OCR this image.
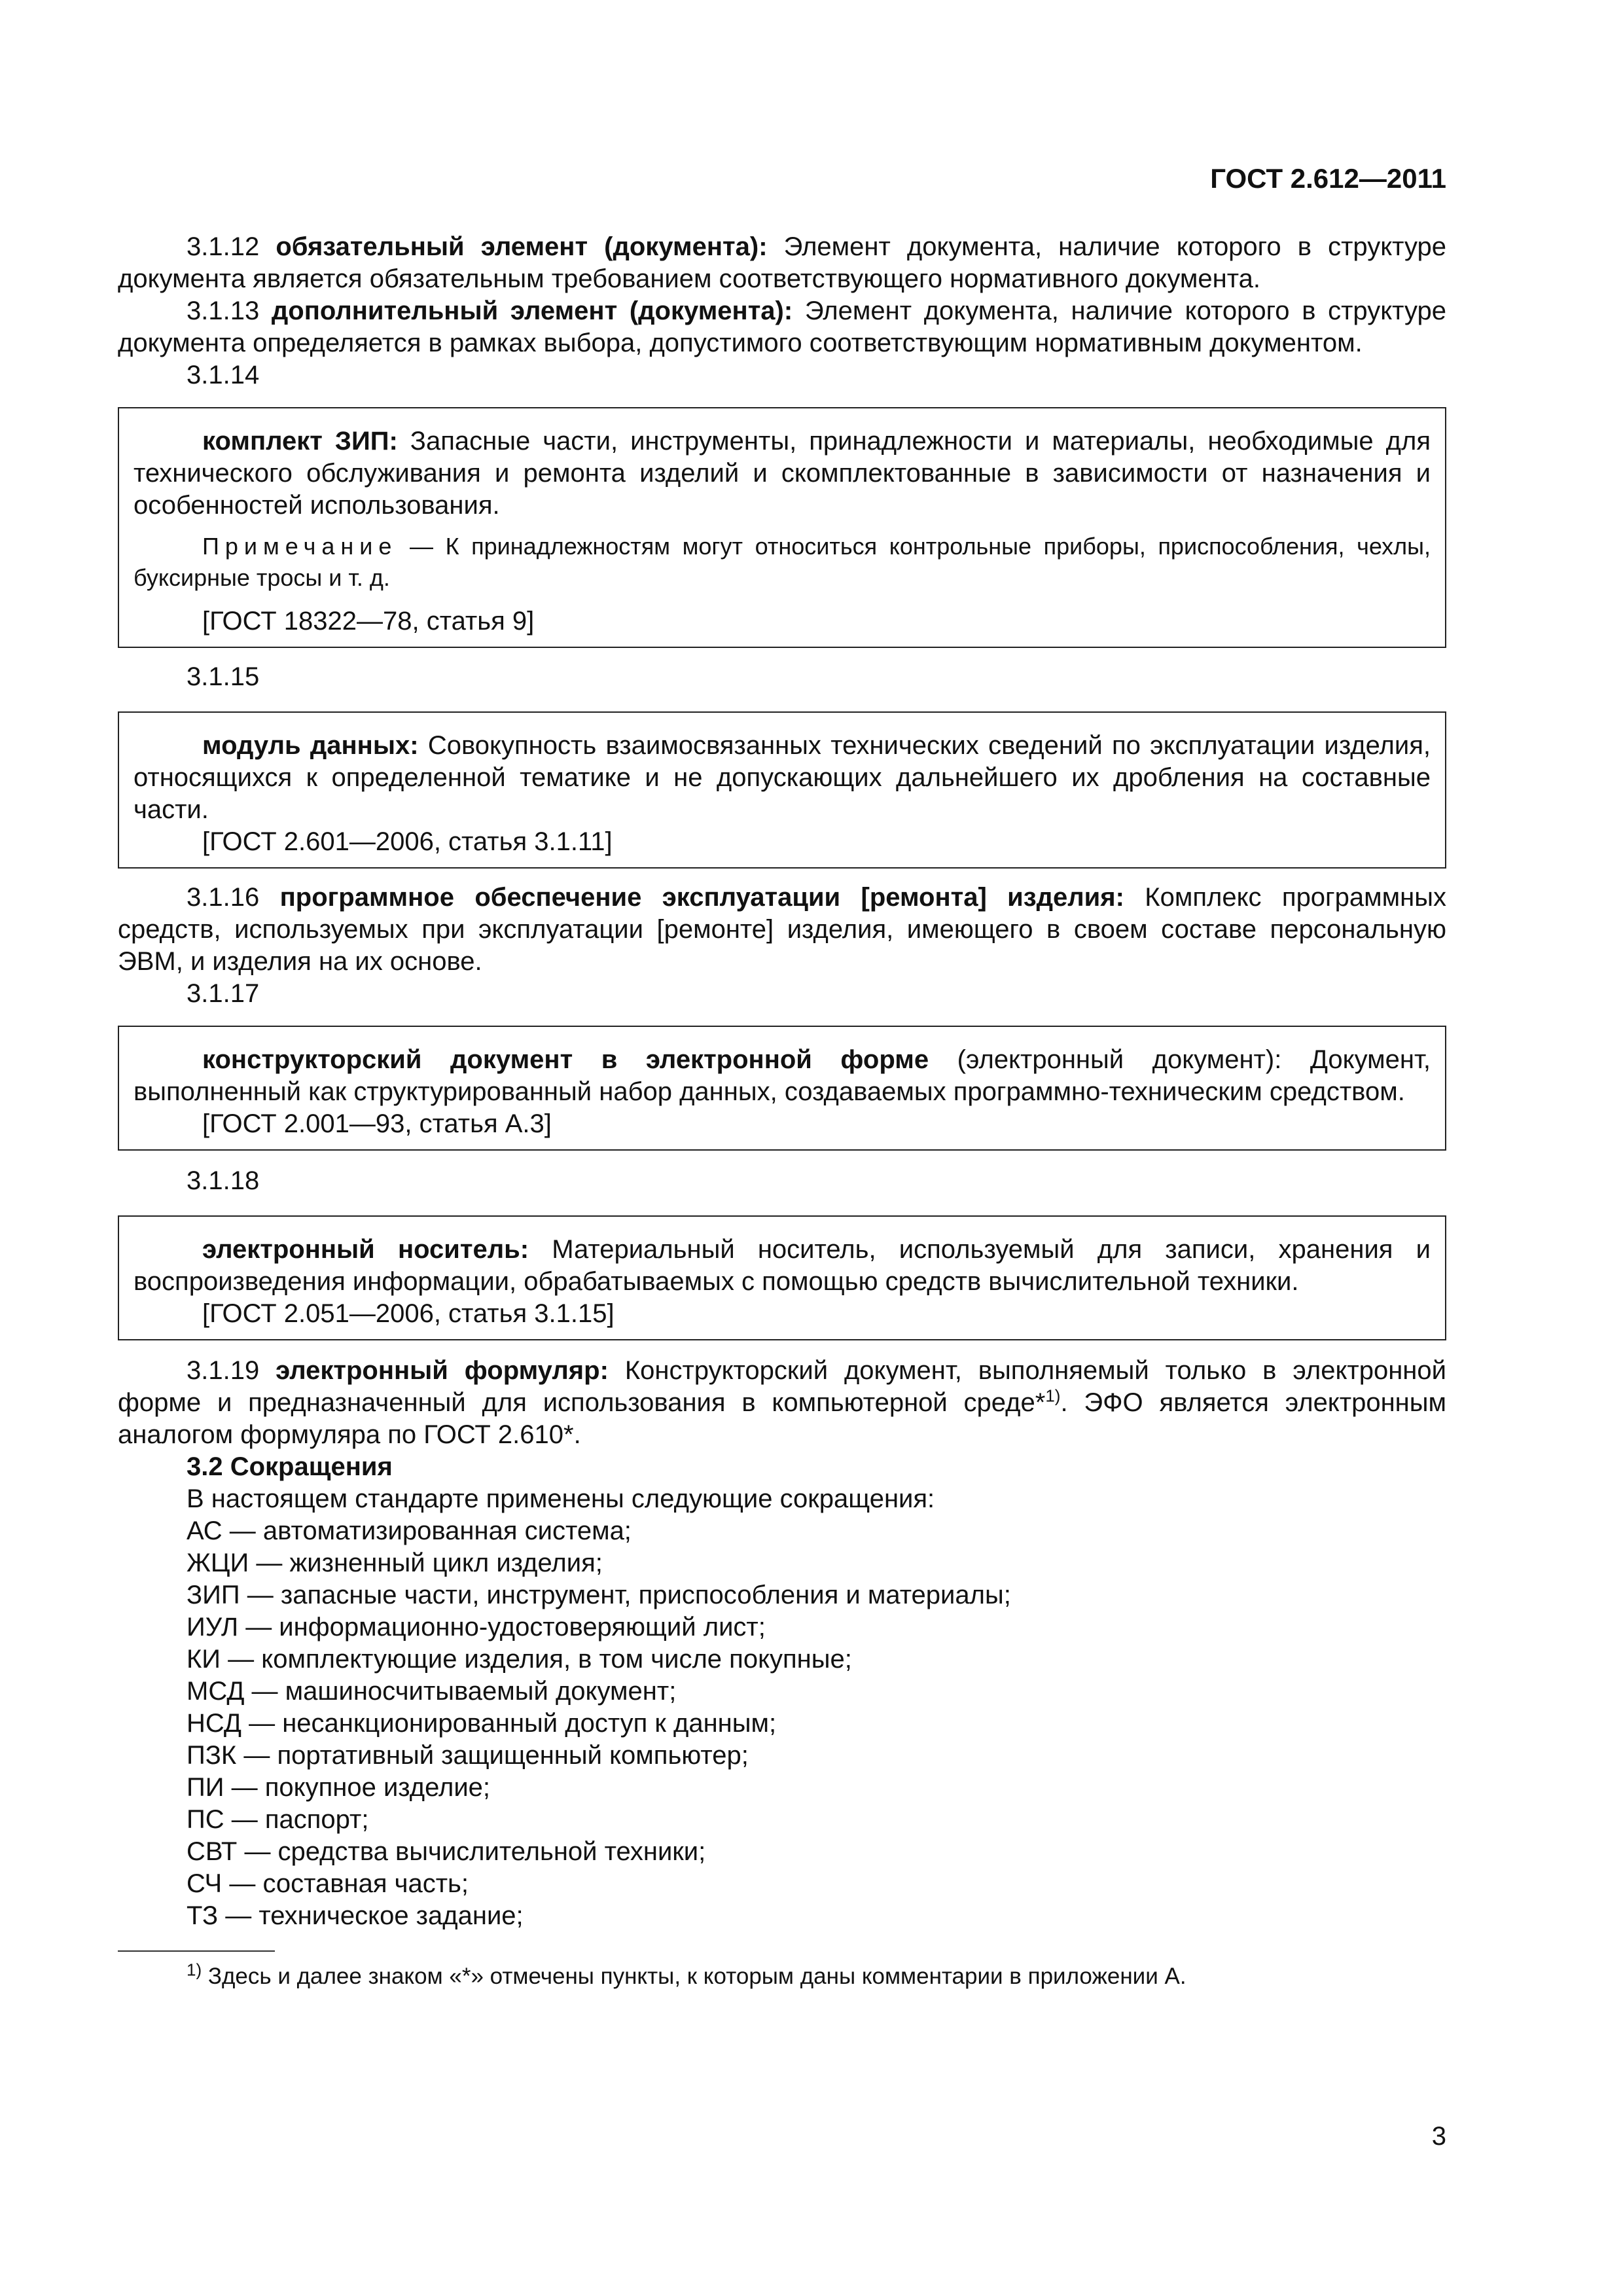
ГОСТ 2.612—2011

3.1.12 обязательный элемент (документа): Элемент документа, наличие которого в структуре документа является обязательным требованием соответствующего нормативного документа.

3.1.13 дополнительный элемент (документа): Элемент документа, наличие которого в структуре документа определяется в рамках выбора, допустимого соответствующим нормативным документом.

3.1.14

комплект ЗИП: Запасные части, инструменты, принадлежности и материалы, необходимые для технического обслуживания и ремонта изделий и скомплектованные в зависимости от назначения и особенностей использования.

Примечание — К принадлежностям могут относиться контрольные приборы, приспособления, чехлы, буксирные тросы и т. д.

[ГОСТ 18322—78, статья 9]

3.1.15

модуль данных: Совокупность взаимосвязанных технических сведений по эксплуатации изделия, относящихся к определенной тематике и не допускающих дальнейшего их дробления на составные части.

[ГОСТ 2.601—2006, статья 3.1.11]

3.1.16 программное обеспечение эксплуатации [ремонта] изделия: Комплекс программных средств, используемых при эксплуатации [ремонте] изделия, имеющего в своем составе персональную ЭВМ, и изделия на их основе.

3.1.17

конструкторский документ в электронной форме (электронный документ): Документ, выполненный как структурированный набор данных, создаваемых программно-техническим средством.

[ГОСТ 2.001—93, статья А.3]

3.1.18

электронный носитель: Материальный носитель, используемый для записи, хранения и воспроизведения информации, обрабатываемых с помощью средств вычислительной техники.

[ГОСТ 2.051—2006, статья 3.1.15]

3.1.19 электронный формуляр: Конструкторский документ, выполняемый только в электронной форме и предназначенный для использования в компьютерной среде*$^{1)}$. ЭФО является электронным аналогом формуляра по ГОСТ 2.610*.

3.2 Сокращения

В настоящем стандарте применены следующие сокращения:

АС — автоматизированная система;

ЖЦИ — жизненный цикл изделия;

ЗИП — запасные части, инструмент, приспособления и материалы;

ИУЛ — информационно-удостоверяющий лист;

КИ — комплектующие изделия, в том числе покупные;

МСД — машиносчитываемый документ;

НСД — несанкционированный доступ к данным;

ПЗК — портативный защищенный компьютер;

ПИ — покупное изделие;

ПС — паспорт;

СВТ — средства вычислительной техники;

СЧ — составная часть;

ТЗ — техническое задание;

$^{1)}$ Здесь и далее знаком «*» отмечены пункты, к которым даны комментарии в приложении А.
3
